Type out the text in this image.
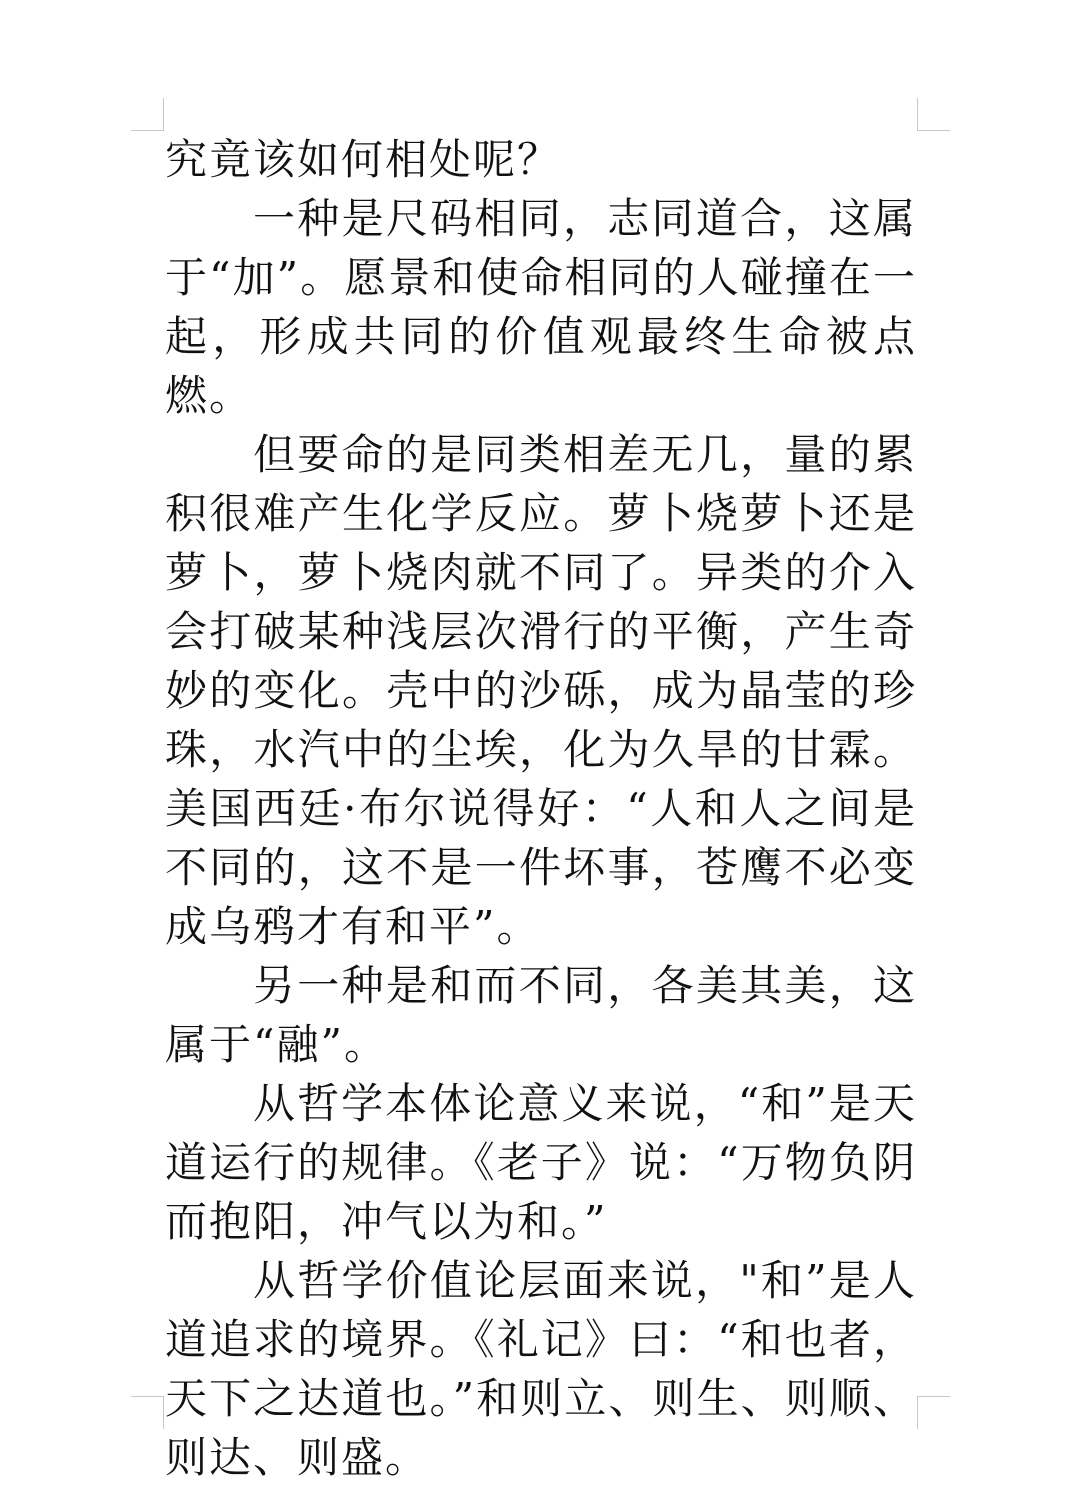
究竟该如何相处呢？

一种是尺码相同，志同道合，这属于“加”。愿景和使命相同的人碰撞在一起，形成共同的价值观最终生命被点燃。

但要命的是同类相差无几，量的累积很难产生化学反应。萝卜烧萝卜还是萝卜，萝卜烧肉就不同了。异类的介入会打破某种浅层次滑行的平衡，产生奇妙的变化。壳中的沙砾，成为晶莹的珍珠，水汽中的尘埃，化为久旱的甘霖。美国西廷·布尔说得好：“人和人之间是不同的，这不是一件坏事，苍鹰不必变成乌鸦才有和平”。

另一种是和而不同，各美其美，这属于“融”。

从哲学本体论意义来说，“和”是天道运行的规律。《老子》说：“万物负阴而抱阳，冲气以为和。”

从哲学价值论层面来说，"和”是人道追求的境界。《礼记》曰：“和也者，天下之达道也。”和则立、则生、则顺、则达、则盛。
